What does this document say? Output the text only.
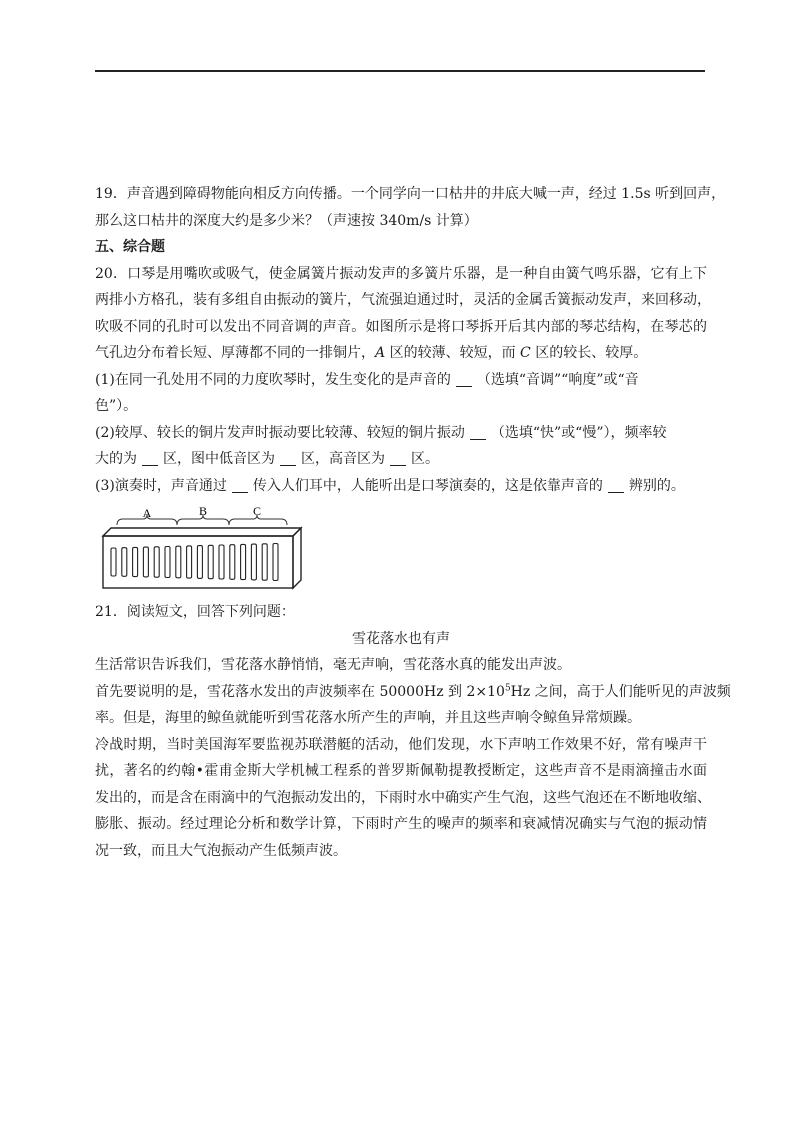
19．声音遇到障碍物能向相反方向传播。一个同学向一口枯井的井底大喊一声，经过 1.5s 听到回声，
那么这口枯井的深度大约是多少米？（声速按 340m/s 计算）
五、综合题
20．口琴是用嘴吹或吸气，使金属簧片振动发声的多簧片乐器，是一种自由簧气鸣乐器，它有上下
两排小方格孔，装有多组自由振动的簧片，气流强迫通过时，灵活的金属舌簧振动发声，来回移动，
吹吸不同的孔时可以发出不同音调的声音。如图所示是将口琴拆开后其内部的琴芯结构，在琴芯的
气孔边分布着长短、厚薄都不同的一排铜片，A 区的较薄、较短，而 C 区的较长、较厚。
(1)在同一孔处用不同的力度吹琴时，发生变化的是声音的 （选填“音调”“响度”或“音
色”）。
(2)较厚、较长的铜片发声时振动要比较薄、较短的铜片振动 （选填“快”或“慢”），频率较
大的为 区，图中低音区为 区，高音区为 区。
(3)演奏时，声音通过 传入人们耳中，人能听出是口琴演奏的，这是依靠声音的 辨别的。
A	B	C
21．阅读短文，回答下列问题：
雪花落水也有声
生活常识告诉我们，雪花落水静悄悄，毫无声响，雪花落水真的能发出声波。
首先要说明的是，雪花落水发出的声波频率在 50000Hz 到 $2\times 10^5Hz$ 之间，高于人们能听见的声波频
率。但是，海里的鲸鱼就能听到雪花落水所产生的声响，并且这些声响令鲸鱼异常烦躁。
冷战时期，当时美国海军要监视苏联潜艇的活动，他们发现，水下声呐工作效果不好，常有噪声干
扰，著名的约翰•霍甫金斯大学机械工程系的普罗斯佩勒提教授断定，这些声音不是雨滴撞击水面
发出的，而是含在雨滴中的气泡振动发出的，下雨时水中确实产生气泡，这些气泡还在不断地收缩、
膨胀、振动。经过理论分析和数学计算，下雨时产生的噪声的频率和衰减情况确实与气泡的振动情
况一致，而且大气泡振动产生低频声波。
